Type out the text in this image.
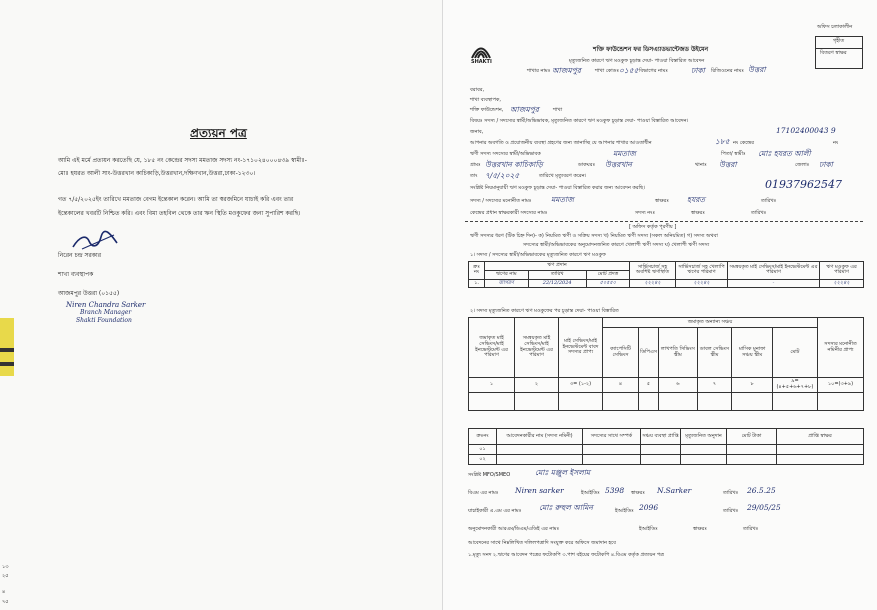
১৩
২৫
৪
৭৫
প্রত্যয়ন পত্র
আমি এই মর্মে প্রত্যয়ন করতেছি যে, ১৮৫ নং কেন্দ্রের সদস্য মমতাজ সদস্য নং-১৭১০২৪০০০৪৩৯ স্বামীঃ-
মোঃ হযরত আলী সাং-উত্তরখান কাচিকাড়ি,উত্তরখান,দক্ষিণখান,উত্তরা,ঢাকা-১২৩০।
গত ৭/৫/২০২৫ইং তারিখে মমতাজ বেগম ইন্তেকাল করেন। আমি তা স্বরজমিনে যাচাই করি এবং তার
ইন্তেকালের খবরটি নিশ্চিত করি। এবং বিমা তহবিল থেকে তার ঋন স্থিতি মওকুফের জন্য সুপারিশ করছি।
নিরেন চন্দ্র সরকার
শাখা ব্যবস্থাপক
আজমপুর উত্তরা (০১৫৫)
Niren Chandra Sarker
Branch Manager
Shakti Foundation
SHAKTI
অফিস চলাকালীন
গৃহীত
বিতরণ স্বাক্ষর
শক্তি ফাউন্ডেশন ফর ডিসএ্যাডভান্টেজড উইমেন
মৃত্যুজনিত কারণে ঋণ মওকুফ চূড়ান্ত দেয়া- পাওয়া বিস্তারিত আবেদন
শাখার নামঃ আজমপুর	শাখা কোডঃ ০১৫৫ বিভাগের নামঃ	ঢাকা রিজিওনের নামঃ উত্তরা
বরাবর,
শাখা ব্যবস্থাপক,
শক্তি ফাউন্ডেশন, আজমপুর	শাখা
বিষয়ঃ সদস্য / সদস্যের স্বামী/অভিভাবক, মৃত্যুজনিত কারণে ঋণ মওকুফ চূড়ান্ত দেয়া- পাওয়া বিস্তারিত আবেদন।
জনাব,	17102400043 9
আপনার অবগতি ও প্রয়োজনীয় ব্যবস্থা গ্রহণের জন্য জানাচ্ছি যে আপনার শাখার আওতাধীন	১৮৫ নং কেন্দ্রের	নং
ঋণী সদস্য সদস্যের স্বামী/অভিভাবক	মমতাজ	পিতা/ স্বামীঃ মোঃ হযরত আলী
গ্রামঃ উত্তরখান কাচিকাড়ি	ডাকঘরঃ উত্তরখান	থানাঃ উত্তরা	জেলাঃ ঢাকা
তাং ৭/৫/২০২৫	তারিখে মৃত্যুবরণ করেন।
সংশ্লিষ্ট নিয়মানুযায়ী ঋণ মওকুফ চূড়ান্ত দেয়া- পাওয়া বিস্তারিত করার জন্য আবেদন করছি।	01937962547
সদস্য / সদস্যের মনোনীত নামঃ	মমতাজ	স্বাক্ষরঃ হযরত	তারিখঃ
কেন্দ্রের প্রধান স্বাক্ষরকারী সদস্যের নামঃ	সদস্য নংঃ	স্বাক্ষরঃ	তারিখঃ
[ অফিস কর্তৃক পূরণীয় ]
ঋণী সদস্যর ধরণ (টিক চিহ্ন দিন)- ক) নিয়মিত ঋণী ও সক্রিয় সদস্য খ) নিয়মিত ঋণী সদস্য (সকল অনিয়মিত) গ) সদস্য অথবা
সদস্যের স্বামী/অভিভাবকের অনুমোদনজনিত কারণে খেলাপী ঋণী সদস্য ঘ) খেলাপী ঋণী সদস্য
১। সদস্য / সদস্যের স্বামী/অভিভাবকের মৃত্যুজনিত কারণে ঋণ মওকুফ
ক্রঃ নং	ঋণ প্রদান			সার্ভিসচার্জ সহ অবশিষ্ট ঋণস্থিতি	সার্ভিসচার্জ সহ খেলাপি ঋণের পরিমাণ	সমন্বয়কৃত মাই সেভিংস/মাই ইনভেস্টমেন্ট এর পরিমাণ	ঋণ মওকুফ এর পরিমাণ
	ঋণের নাম	তারিখ	মোট প্রদত্ত				
১.	জাগরণ	22/12/2024	৫০৫৫০	২২২৪২	২২২৪২	-	২২২৪২
২। সদস্য মৃত্যুজনিত কারণে ঋণ মওকুফের পর চূড়ান্ত দেয়া- পাওয়া বিস্তারিত
জমাকৃত মাই সেভিংস/মাই ইনভেস্টমেন্ট এর পরিমাণ	সমন্বয়কৃত মাই সেভিংস/মাই ইনভেস্টমেন্ট এর পরিমাণ	মাই সেভিংস/মাই ইনভেস্টমেন্ট বাবদ সদস্যর প্রাপ্য	জমাকৃত অন্যান্য সঞ্চয়						সদস্যর মনোনীত নমিনীর প্রাপ্য
			ক্যাপেসিটি সেভিংস	ডিপিএস	লাখপতি সিভিংস স্কীম	ডাবল সেভিংস স্কীম	মাসিক মুনাফা সঞ্চয় স্কীম	মোট	
১	২	৩= (১-২)	৪	৫	৬	৭	৮	৯=(৪+৫+৬+৭+৮)	১০=(৩+৯)

ক্রঃনং	আবেদনকারীর নাম (সদস্য নমিনী)	সদস্যের সাথে সম্পর্ক	সঞ্চয় ব্যবস্থা প্রাপ্তি	মৃত্যুজনিত অনুদান	মোট টাকা	প্রাপ্তি স্বাক্ষর
০১						
০২						
সংশ্লিষ্ট MFO/SMEO	মোঃ মঞ্জুল ইসলাম
বিএম এর নামঃ Niren sarker	ইআইডিঃ 5398 স্বাক্ষরঃ N.Sarker	তারিখঃ 26.5.25
যাচাইকারী এ.এম এর নামঃ মোঃ রুহুল আমিন	ইআইডিঃ 2096	তারিখঃ 29/05/25
অনুমোদনকারী আরএম/ডিএম/এডিই এর নামঃ	ইআইডিঃ	স্বাক্ষরঃ	তারিখঃ
আবেদনের সাথে নিম্নলিখিত দলিলপত্রাদি সংযুক্ত করে অফিসে জমাদান হবে
১.মৃত্যু সনদ ২.ঋণের আবেদন পত্রের ফটোকপি ৩.পাশ বইয়ের ফটোকপি ৪.বিএম কর্তৃক প্রত্যয়ন পত্র
